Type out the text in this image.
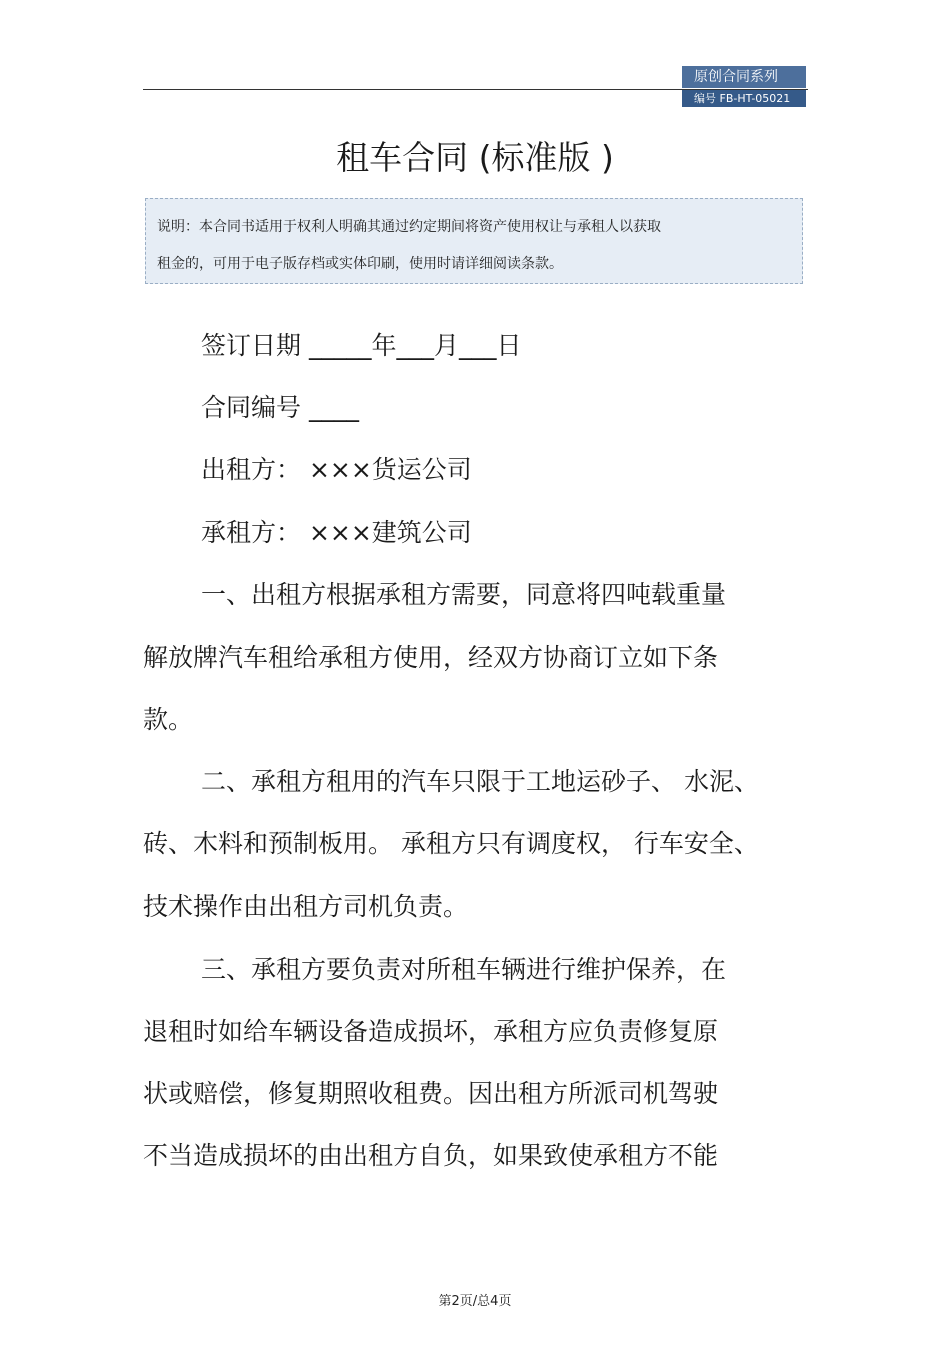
原创合同系列
编号 FB-HT-05021
租车合同 (标准版 )

说明：本合同书适用于权利人明确其通过约定期间将资产使用权让与承租人以获取

租金的，可用于电子版存档或实体印刷，使用时请详细阅读条款。

签订日期 _____年___月___日
合同编号 ____
出租方： ×××货运公司
承租方： ×××建筑公司
一、出租方根据承租方需要，同意将四吨载重量
解放牌汽车租给承租方使用，经双方协商订立如下条
款。
二、承租方租用的汽车只限于工地运砂子、 水泥、
砖、木料和预制板用。 承租方只有调度权， 行车安全、
技术操作由出租方司机负责。
三、承租方要负责对所租车辆进行维护保养，在
退租时如给车辆设备造成损坏，承租方应负责修复原
状或赔偿，修复期照收租费。因出租方所派司机驾驶
不当造成损坏的由出租方自负，如果致使承租方不能
第2页/总4页
